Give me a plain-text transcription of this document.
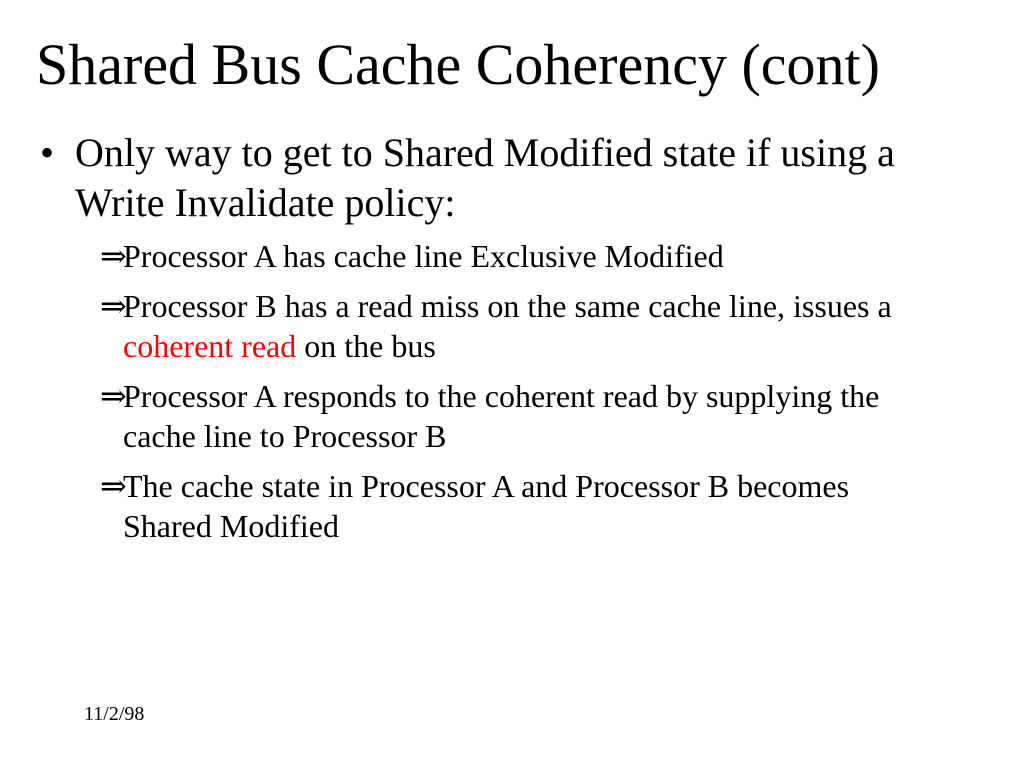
Shared Bus Cache Coherency (cont)
• Only way to get to Shared Modified state if using a
Write Invalidate policy:
⇒Processor A has cache line Exclusive Modified
⇒Processor B has a read miss on the same cache line, issues a
coherent read on the bus
⇒Processor A responds to the coherent read by supplying the
cache line to Processor B
⇒The cache state in Processor A and Processor B becomes
Shared Modified
11/2/98
